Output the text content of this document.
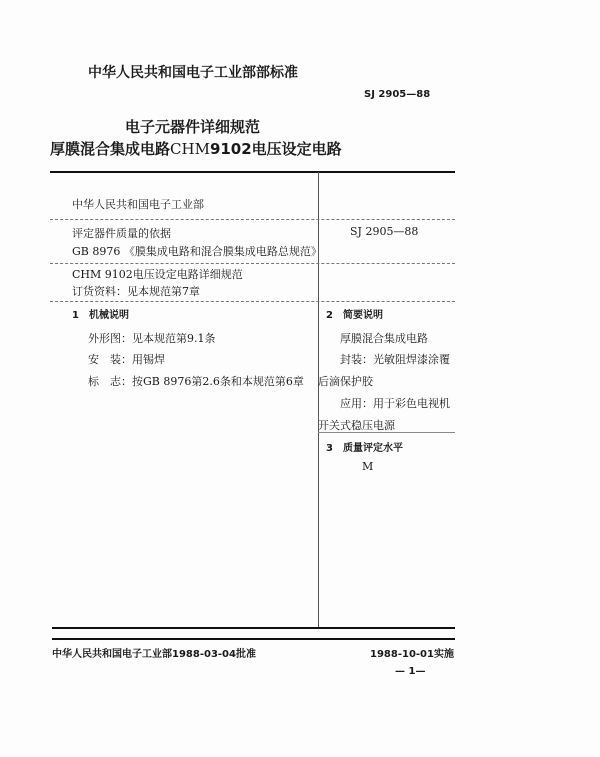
中华人民共和国电子工业部部标准
SJ 2905—88
电子元器件详细规范
厚膜混合集成电路CHM9102电压设定电路
中华人民共和国电子工业部
评定器件质量的依据
GB 8976 《膜集成电路和混合膜集成电路总规范》
SJ 2905—88
CHM 9102电压设定电路详细规范
订货资料：见本规范第7章
1　机械说明
外形图：见本规范第9.1条
安　装：用锡焊
标　志：按GB 8976第2.6条和本规范第6章
2　简要说明
厚膜混合集成电路
封装：光敏阻焊漆涂覆
后滴保护胶
应用：用于彩色电视机
开关式稳压电源
3　质量评定水平
M
中华人民共和国电子工业部1988-03-04批准	1988-10-01实施
— 1—
